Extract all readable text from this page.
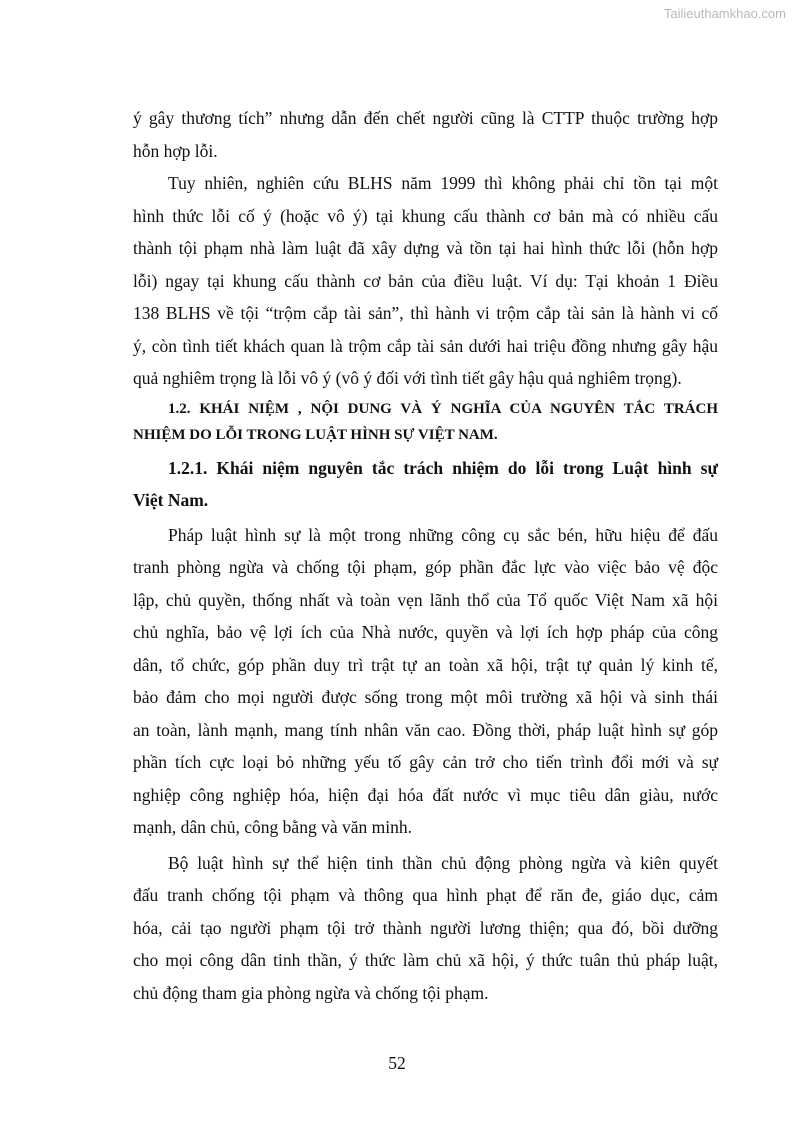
Tailieuthamkhao.com
ý gây thương tích” nhưng dẫn đến chết người cũng là CTTP thuộc trường hợp
hỗn hợp lỗi.
Tuy nhiên, nghiên cứu BLHS năm 1999 thì không phải chỉ tồn tại một
hình thức lỗi cố ý (hoặc vô ý) tại khung cấu thành cơ bản mà có nhiều cấu
thành tội phạm nhà làm luật đã xây dựng và tồn tại hai hình thức lỗi (hỗn hợp
lỗi) ngay tại khung cấu thành cơ bản của điều luật. Ví dụ: Tại khoản 1 Điều
138 BLHS về tội “trộm cắp tài sản”, thì hành vi trộm cắp tài sản là hành vi cố
ý, còn tình tiết khách quan là trộm cắp tài sản dưới hai triệu đồng nhưng gây hậu
quả nghiêm trọng là lỗi vô ý (vô ý đối với tình tiết gây hậu quả nghiêm trọng).
1.2. KHÁI NIỆM , NỘI DUNG VÀ Ý NGHĨA CỦA NGUYÊN TẮC TRÁCH
NHIỆM DO LỖI TRONG LUẬT HÌNH SỰ VIỆT NAM.
1.2.1. Khái niệm nguyên tắc trách nhiệm do lỗi trong Luật hình sự
Việt Nam.
Pháp luật hình sự là một trong những công cụ sắc bén, hữu hiệu để đấu
tranh phòng ngừa và chống tội phạm, góp phần đắc lực vào việc bảo vệ độc
lập, chủ quyền, thống nhất và toàn vẹn lãnh thổ của Tổ quốc Việt Nam xã hội
chủ nghĩa, bảo vệ lợi ích của Nhà nước, quyền và lợi ích hợp pháp của công
dân, tổ chức, góp phần duy trì trật tự an toàn xã hội, trật tự quản lý kinh tế,
bảo đảm cho mọi người được sống trong một môi trường xã hội và sinh thái
an toàn, lành mạnh, mang tính nhân văn cao. Đồng thời, pháp luật hình sự góp
phần tích cực loại bỏ những yếu tố gây cản trở cho tiến trình đổi mới và sự
nghiệp công nghiệp hóa, hiện đại hóa đất nước vì mục tiêu dân giàu, nước
mạnh, dân chủ, công bằng và văn minh.
Bộ luật hình sự thể hiện tinh thần chủ động phòng ngừa và kiên quyết
đấu tranh chống tội phạm và thông qua hình phạt để răn đe, giáo dục, cảm
hóa, cải tạo người phạm tội trở thành người lương thiện; qua đó, bồi dưỡng
cho mọi công dân tinh thần, ý thức làm chủ xã hội, ý thức tuân thủ pháp luật,
chủ động tham gia phòng ngừa và chống tội phạm.
52
